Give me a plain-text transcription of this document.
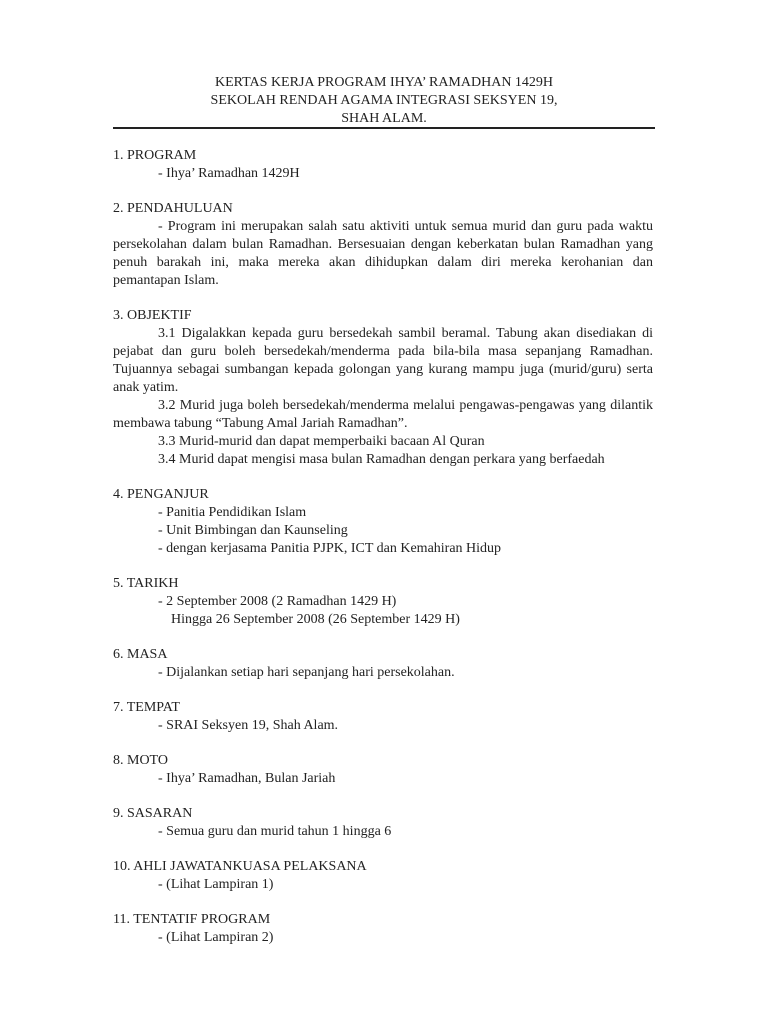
KERTAS KERJA PROGRAM IHYA’ RAMADHAN 1429H
SEKOLAH RENDAH AGAMA INTEGRASI SEKSYEN 19,
SHAH ALAM.

1. PROGRAM

- Ihya’ Ramadhan 1429H

2. PENDAHULUAN

- Program ini merupakan salah satu aktiviti untuk semua murid dan guru pada waktu persekolahan dalam bulan Ramadhan. Bersesuaian dengan keberkatan bulan Ramadhan yang penuh barakah ini, maka mereka akan dihidupkan dalam diri mereka kerohanian dan pemantapan Islam.

3. OBJEKTIF

3.1 Digalakkan kepada guru bersedekah sambil beramal. Tabung akan disediakan di pejabat dan guru boleh bersedekah/menderma pada bila-bila masa sepanjang Ramadhan. Tujuannya sebagai sumbangan kepada golongan yang kurang mampu juga (murid/guru) serta anak yatim.

3.2 Murid juga boleh bersedekah/menderma melalui pengawas-pengawas yang dilantik membawa tabung “Tabung Amal Jariah Ramadhan”.

3.3 Murid-murid dan dapat memperbaiki bacaan Al Quran

3.4 Murid dapat mengisi masa bulan Ramadhan dengan perkara yang berfaedah

4. PENGANJUR

- Panitia Pendidikan Islam

- Unit Bimbingan dan Kaunseling

- dengan kerjasama Panitia PJPK, ICT dan Kemahiran Hidup

5. TARIKH

- 2 September 2008 (2 Ramadhan 1429 H)

Hingga 26 September 2008 (26 September 1429 H)

6. MASA

- Dijalankan setiap hari sepanjang hari persekolahan.

7. TEMPAT

- SRAI Seksyen 19, Shah Alam.

8. MOTO

- Ihya’ Ramadhan, Bulan Jariah

9. SASARAN

- Semua guru dan murid tahun 1 hingga 6

10. AHLI JAWATANKUASA PELAKSANA

- (Lihat Lampiran 1)

11. TENTATIF PROGRAM

- (Lihat Lampiran 2)
